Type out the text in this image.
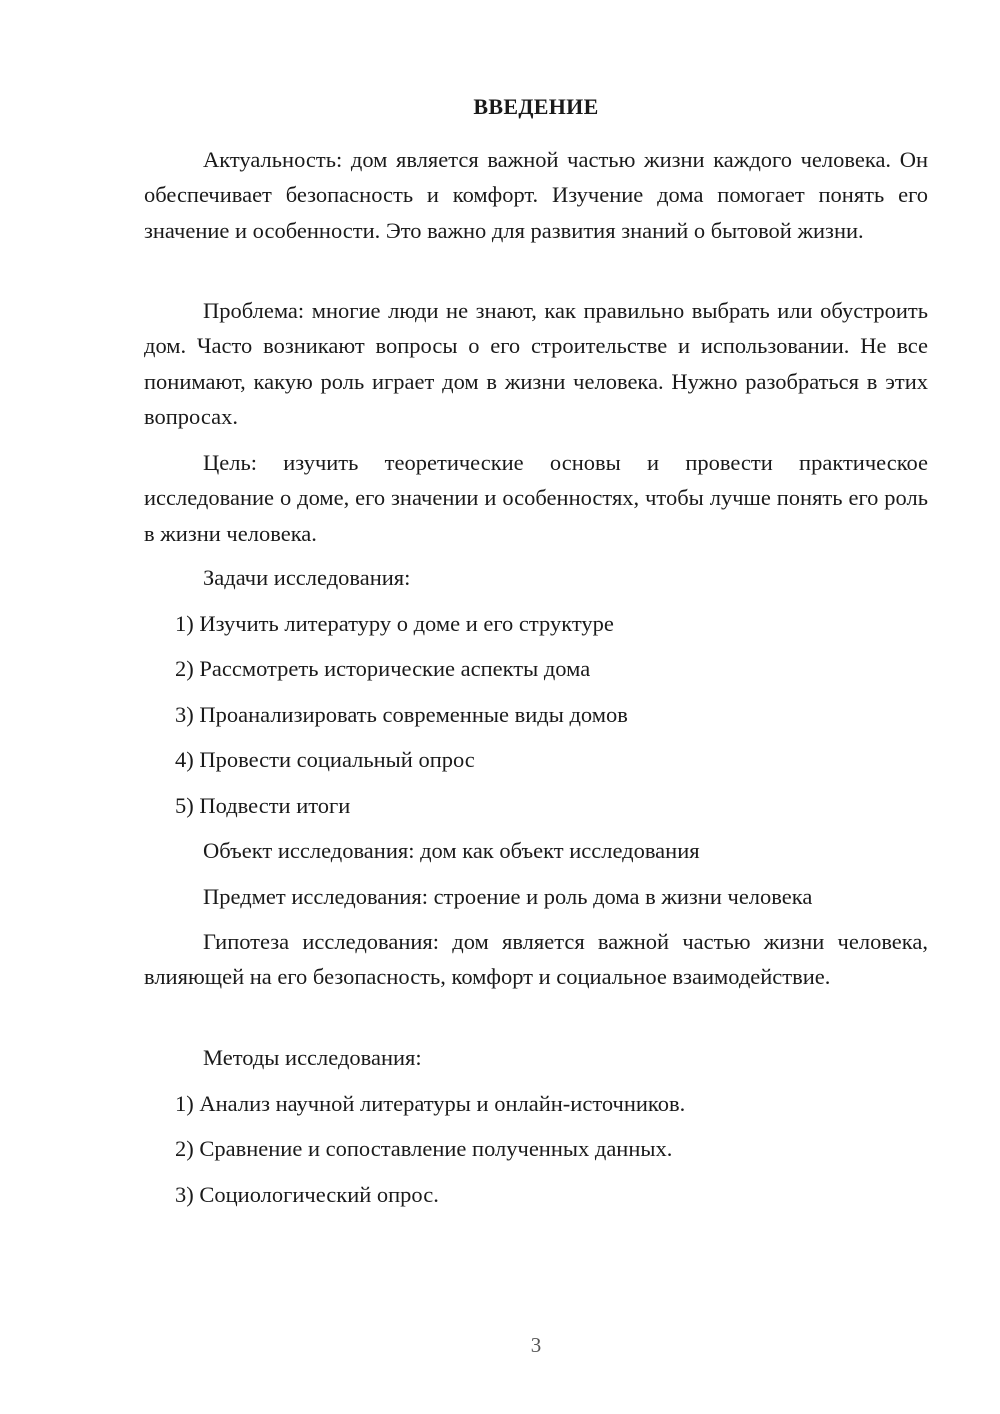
ВВЕДЕНИЕ

Актуальность: дом является важной частью жизни каждого человека. Он обеспечивает безопасность и комфорт. Изучение дома помогает понять его значение и особенности. Это важно для развития знаний о бытовой жизни.

Проблема: многие люди не знают, как правильно выбрать или обустроить дом. Часто возникают вопросы о его строительстве и использовании. Не все понимают, какую роль играет дом в жизни человека. Нужно разобраться в этих вопросах.

Цель: изучить теоретические основы и провести практическое исследование о доме, его значении и особенностях, чтобы лучше понять его роль в жизни человека.

Задачи исследования:

1) Изучить литературу о доме и его структуре

2) Рассмотреть исторические аспекты дома

3) Проанализировать современные виды домов

4) Провести социальный опрос

5) Подвести итоги

Объект исследования: дом как объект исследования

Предмет исследования: строение и роль дома в жизни человека

Гипотеза исследования: дом является важной частью жизни человека, влияющей на его безопасность, комфорт и социальное взаимодействие.

Методы исследования:

1) Анализ научной литературы и онлайн-источников.

2) Сравнение и сопоставление полученных данных.

3) Социологический опрос.

3
